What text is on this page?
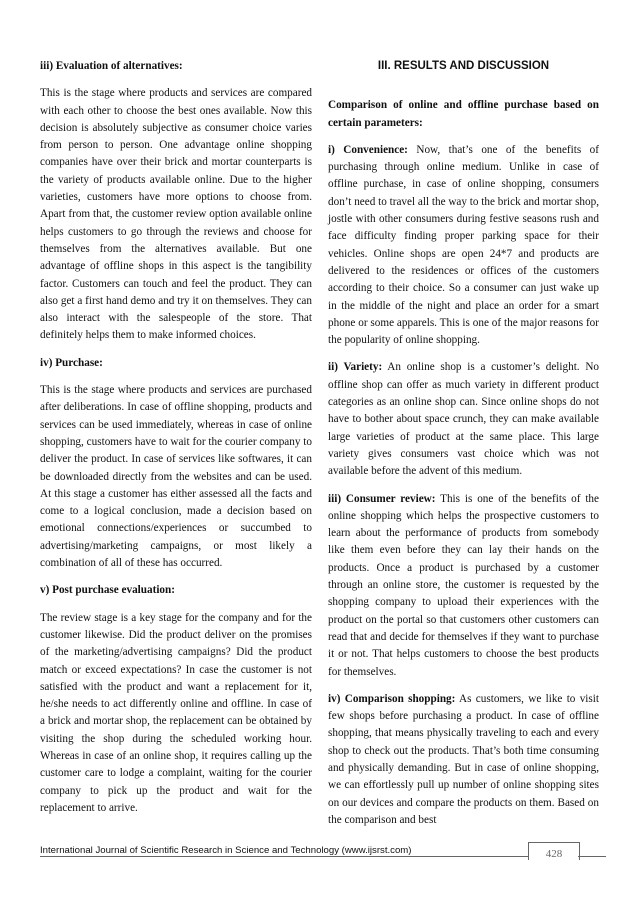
iii) Evaluation of alternatives:

This is the stage where products and services are compared with each other to choose the best ones available. Now this decision is absolutely subjective as consumer choice varies from person to person. One advantage online shopping companies have over their brick and mortar counterparts is the variety of products available online. Due to the higher varieties, customers have more options to choose from. Apart from that, the customer review option available online helps customers to go through the reviews and choose for themselves from the alternatives available. But one advantage of offline shops in this aspect is the tangibility factor. Customers can touch and feel the product. They can also get a first hand demo and try it on themselves. They can also interact with the salespeople of the store. That definitely helps them to make informed choices.

iv) Purchase:

This is the stage where products and services are purchased after deliberations. In case of offline shopping, products and services can be used immediately, whereas in case of online shopping, customers have to wait for the courier company to deliver the product. In case of services like softwares, it can be downloaded directly from the websites and can be used. At this stage a customer has either assessed all the facts and come to a logical conclusion, made a decision based on emotional connections/experiences or succumbed to advertising/marketing campaigns, or most likely a combination of all of these has occurred.

v) Post purchase evaluation:

The review stage is a key stage for the company and for the customer likewise. Did the product deliver on the promises of the marketing/advertising campaigns? Did the product match or exceed expectations? In case the customer is not satisfied with the product and want a replacement for it, he/she needs to act differently online and offline. In case of a brick and mortar shop, the replacement can be obtained by visiting the shop during the scheduled working hour. Whereas in case of an online shop, it requires calling up the customer care to lodge a complaint, waiting for the courier company to pick up the product and wait for the replacement to arrive.

III. RESULTS AND DISCUSSION

Comparison of online and offline purchase based on certain parameters:

i) Convenience: Now, that’s one of the benefits of purchasing through online medium. Unlike in case of offline purchase, in case of online shopping, consumers don’t need to travel all the way to the brick and mortar shop, jostle with other consumers during festive seasons rush and face difficulty finding proper parking space for their vehicles. Online shops are open 24*7 and products are delivered to the residences or offices of the customers according to their choice. So a consumer can just wake up in the middle of the night and place an order for a smart phone or some apparels. This is one of the major reasons for the popularity of online shopping.

ii) Variety: An online shop is a customer’s delight. No offline shop can offer as much variety in different product categories as an online shop can. Since online shops do not have to bother about space crunch, they can make available large varieties of product at the same place. This large variety gives consumers vast choice which was not available before the advent of this medium.

iii) Consumer review: This is one of the benefits of the online shopping which helps the prospective customers to learn about the performance of products from somebody like them even before they can lay their hands on the products. Once a product is purchased by a customer through an online store, the customer is requested by the shopping company to upload their experiences with the product on the portal so that customers other customers can read that and decide for themselves if they want to purchase it or not. That helps customers to choose the best products for themselves.

iv) Comparison shopping: As customers, we like to visit few shops before purchasing a product. In case of offline shopping, that means physically traveling to each and every shop to check out the products. That’s both time consuming and physically demanding. But in case of online shopping, we can effortlessly pull up number of online shopping sites on our devices and compare the products on them. Based on the comparison and best

International Journal of Scientific Research in Science and Technology (www.ijsrst.com)	428
